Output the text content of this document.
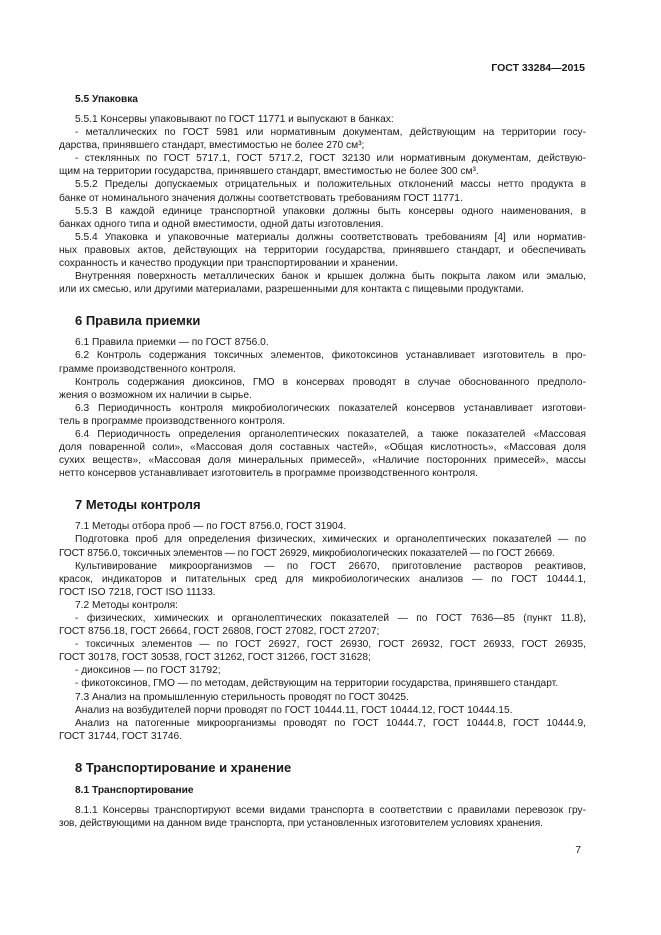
ГОСТ 33284—2015
5.5 Упаковка

5.5.1 Консервы упаковывают по ГОСТ 11771 и выпускают в банках:

- металлических по ГОСТ 5981 или нормативным документам, действующим на территории госу-
дарства, принявшего стандарт, вместимостью не более 270 см³;
- стеклянных по ГОСТ 5717.1, ГОСТ 5717.2, ГОСТ 32130 или нормативным документам, действую-
щим на территории государства, принявшего стандарт, вместимостью не более 300 см³.
5.5.2 Пределы допускаемых отрицательных и положительных отклонений массы нетто продукта в
банке от номинального значения должны соответствовать требованиям ГОСТ 11771.
5.5.3 В каждой единице транспортной упаковки должны быть консервы одного наименования, в
банках одного типа и одной вместимости, одной даты изготовления.
5.5.4 Упаковка и упаковочные материалы должны соответствовать требованиям [4] или норматив-
ных правовых актов, действующих на территории государства, принявшего стандарт, и обеспечивать
сохранность и качество продукции при транспортировании и хранении.
Внутренняя поверхность металлических банок и крышек должна быть покрыта лаком или эмалью,
или их смесью, или другими материалами, разрешенными для контакта с пищевыми продуктами.
6 Правила приемки

6.1 Правила приемки — по ГОСТ 8756.0.

6.2 Контроль содержания токсичных элементов, фикотоксинов устанавливает изготовитель в про-
грамме производственного контроля.
Контроль содержания диоксинов, ГМО в консервах проводят в случае обоснованного предполо-
жения о возможном их наличии в сырье.
6.3 Периодичность контроля микробиологических показателей консервов устанавливает изготови-
тель в программе производственного контроля.
6.4 Периодичность определения органолептических показателей, а также показателей «Массовая
доля поваренной соли», «Массовая доля составных частей», «Общая кислотность», «Массовая доля
сухих веществ», «Массовая доля минеральных примесей», «Наличие посторонних примесей», массы
нетто консервов устанавливает изготовитель в программе производственного контроля.
7 Методы контроля

7.1 Методы отбора проб — по ГОСТ 8756.0, ГОСТ 31904.

Подготовка проб для определения физических, химических и органолептических показателей — по
ГОСТ 8756.0, токсичных элементов — по ГОСТ 26929, микробиологических показателей — по ГОСТ 26669.
Культивирование микроорганизмов — по ГОСТ 26670, приготовление растворов реактивов,
красок, индикаторов и питательных сред для микробиологических анализов — по ГОСТ 10444.1,
ГОСТ ISO 7218, ГОСТ ISO 11133.

7.2 Методы контроля:

- физических, химических и органолептических показателей — по ГОСТ 7636—85 (пункт 11.8),
ГОСТ 8756.18, ГОСТ 26664, ГОСТ 26808, ГОСТ 27082, ГОСТ 27207;
- токсичных элементов — по ГОСТ 26927, ГОСТ 26930, ГОСТ 26932, ГОСТ 26933, ГОСТ 26935,
ГОСТ 30178, ГОСТ 30538, ГОСТ 31262, ГОСТ 31266, ГОСТ 31628;

- диоксинов — по ГОСТ 31792;

- фикотоксинов, ГМО — по методам, действующим на территории государства, принявшего стандарт.

7.3 Анализ на промышленную стерильность проводят по ГОСТ 30425.

Анализ на возбудителей порчи проводят по ГОСТ 10444.11, ГОСТ 10444.12, ГОСТ 10444.15.

Анализ на патогенные микроорганизмы проводят по ГОСТ 10444.7, ГОСТ 10444.8, ГОСТ 10444.9,
ГОСТ 31744, ГОСТ 31746.
8 Транспортирование и хранение
8.1 Транспортирование
8.1.1 Консервы транспортируют всеми видами транспорта в соответствии с правилами перевозок гру-
зов, действующими на данном виде транспорта, при установленных изготовителем условиях хранения.
7
